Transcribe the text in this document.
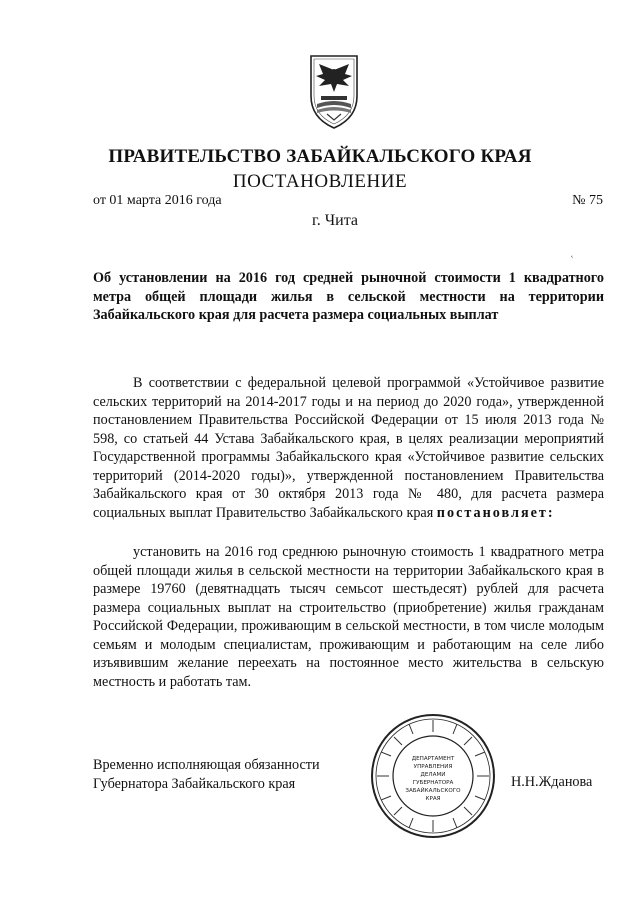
ПРАВИТЕЛЬСТВО ЗАБАЙКАЛЬСКОГО КРАЯ
ПОСТАНОВЛЕНИЕ
от 01 марта 2016 года	№ 75
г. Чита
˛
Об установлении на 2016 год средней рыночной стоимости 1 квадратного метра общей площади жилья в сельской местности на территории Забайкальского края для расчета размера социальных выплат
В соответствии с федеральной целевой программой «Устойчивое развитие сельских территорий на 2014-2017 годы и на период до 2020 года», утвержденной постановлением Правительства Российской Федерации от 15 июля 2013 года № 598, со статьей 44 Устава Забайкальского края, в целях реализации мероприятий Государственной программы Забайкальского края «Устойчивое развитие сельских территорий (2014-2020 годы)», утвержденной постановлением Правительства Забайкальского края от 30 октября 2013 года № 480, для расчета размера социальных выплат Правительство Забайкальского края постановляет:
установить на 2016 год среднюю рыночную стоимость 1 квадратного метра общей площади жилья в сельской местности на территории Забайкальского края в размере 19760 (девятнадцать тысяч семьсот шестьдесят) рублей для расчета размера социальных выплат на строительство (приобретение) жилья гражданам Российской Федерации, проживающим в сельской местности, в том числе молодым семьям и молодым специалистам, проживающим и работающим на селе либо изъявившим желание переехать на постоянное место жительства в сельскую местность и работать там.
Временно исполняющая обязанности
Губернатора Забайкальского края
ДЕПАРТАМЕНТ
УПРАВЛЕНИЯ
ДЕЛАМИ
ГУБЕРНАТОРА
ЗАБАЙКАЛЬСКОГО
КРАЯ
Н.Н.Жданова
